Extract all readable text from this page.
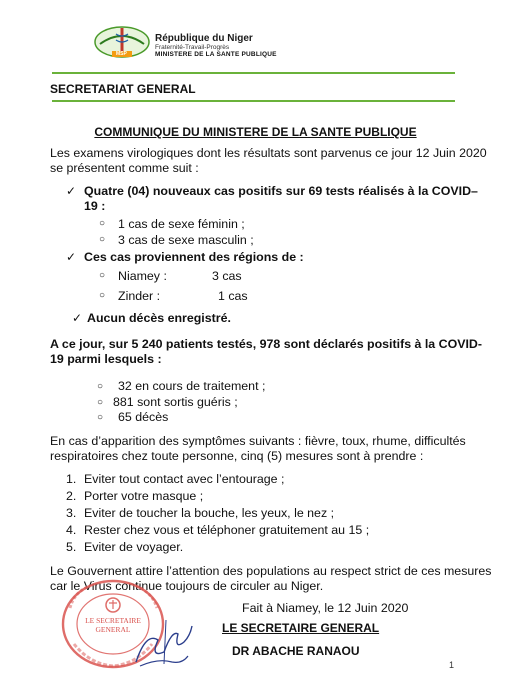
MSP
République du Niger
Fraternité-Travail-Progrès
MINISTERE DE LA SANTE PUBLIQUE
SECRETARIAT GENERAL
COMMUNIQUE DU MINISTERE DE LA SANTE PUBLIQUE
Les examens virologiques dont les résultats sont parvenus ce jour 12 Juin 2020
se présentent comme suit :
✓ Quatre (04) nouveaux cas positifs sur 69 tests réalisés à la COVID–
19 :
○ 1 cas de sexe féminin ;
○ 3 cas de sexe masculin ;
✓ Ces cas proviennent des régions de :
○ Niamey :	3 cas
○ Zinder :	1 cas
✓ Aucun décès enregistré.
A ce jour, sur 5 240 patients testés, 978 sont déclarés positifs à la COVID-
19 parmi lesquels :
○ 32 en cours de traitement ;
○ 881 sont sortis guéris ;
○ 65 décès
En cas d’apparition des symptômes suivants : fièvre, toux, rhume, difficultés
respiratoires chez toute personne, cinq (5) mesures sont à prendre :
1. Eviter tout contact avec l’entourage ;
2. Porter votre masque ;
3. Eviter de toucher la bouche, les yeux, le nez ;
4. Rester chez vous et téléphoner gratuitement au 15 ;
5. Eviter de voyager.
Le Gouvernent attire l’attention des populations au respect strict de ces mesures
car le Virus continue toujours de circuler au Niger.
LE SECRETAIRE
GENERAL
Fait à Niamey, le 12 Juin 2020
LE SECRETAIRE GENERAL
DR ABACHE RANAOU
1
